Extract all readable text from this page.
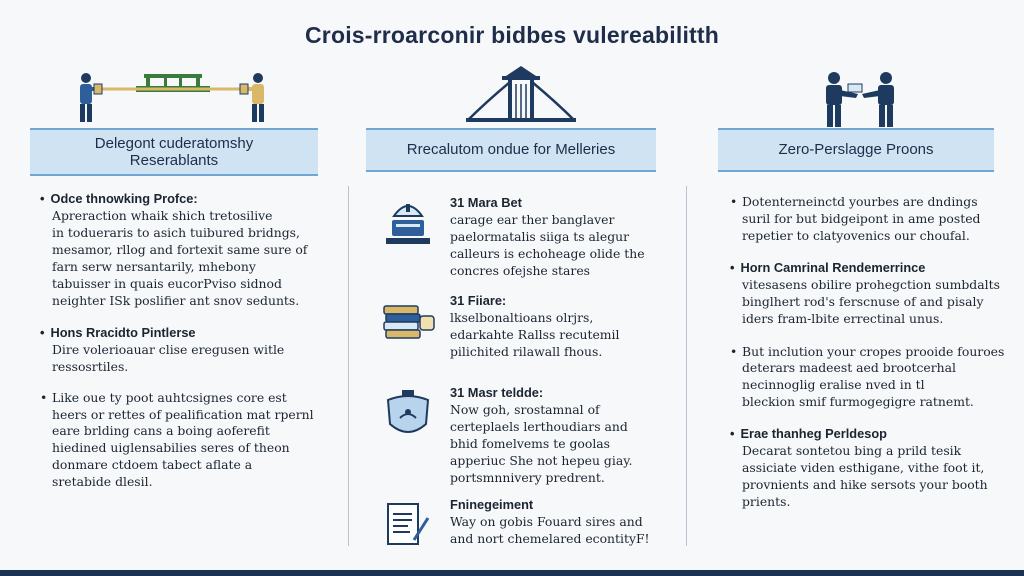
Crois-rroarconir bidbes vulereabilitth
Delegont cuderatomshy
Reserablants
Rrecalutom ondue for Melleries	Zero-Perslagge Proons
• Odce thnowking Profce:
Apreraction whaik shich tretosilive
in todueraris to asich tuibured bridngs,
mesamor, rllog and fortexit same sure of
farn serw nersantarily, mhebony
tabuisser in quais eucorPviso sidnod
neighter ISk poslifier ant snov sedunts.
• Hons Rracidto Pintlerse
Dire volerioauar clise eregusen witle
ressosrtiles.
• Like oue ty poot auhtcsignes core est
heers or rettes of pealification mat rpernl
eare brlding cans a boing aoferefit
hiedined uiglensabilies seres of theon
donmare ctdoem tabect aflate a
sretabide dlesil.
31 Mara Bet
carage ear ther banglaver
paelormatalis siiga ts alegur
calleurs is echoheage olide the
concres ofejshe stares
31 Fiiare:
lkselbonaltioans olrjrs,
edarkahte Rallss recutemil
pilichited rilawall fhous.
31 Masr teldde:
Now goh, srostamnal of
certeplaels lerthoudiars and
bhid fomelvems te goolas
apperiuc She not hepeu giay.
portsmnnivery predrent.
Fninegeiment
Way on gobis Fouard sires and
and nort chemelared econtityF!
• Dotenterneinctd yourbes are dndings
suril for but bidgeipont in ame posted
repetier to clatyovenics our choufal.
• Horn Camrinal Rendemerrince
vitesasens obilire prohegction sumbdalts
binglhert rod's ferscnuse of and pisaly
iders fram-lbite errectinal unus.
• But inclution your cropes prooide fouroes
deterars madeest aed brootcerhal
necinnoglig eralise nved in tl
bleckion smif furmogegigre ratnemt.
• Erae thanheg Perldesop
Decarat sontetou bing a prild tesik
assiciate viden esthigane, vithe foot it,
provnients and hike sersots your booth
prients.
